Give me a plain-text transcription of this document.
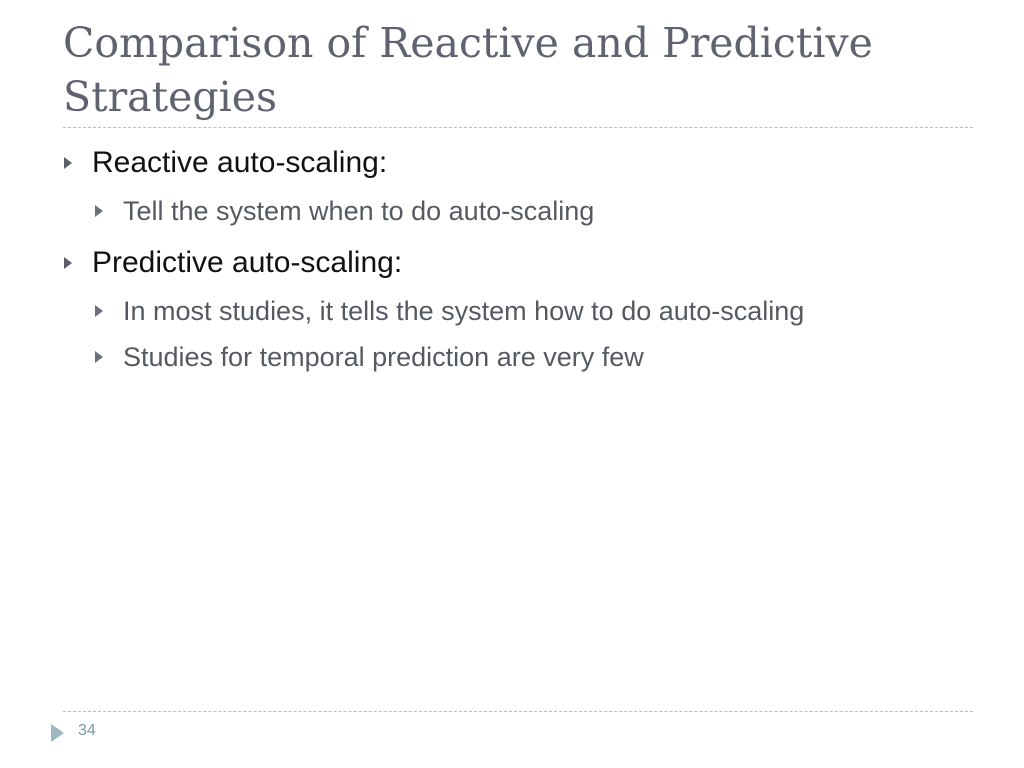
Comparison of Reactive and Predictive Strategies
Reactive auto-scaling:
Tell the system when to do auto-scaling
Predictive auto-scaling:
In most studies, it tells the system how to do auto-scaling
Studies for temporal prediction are very few
34
